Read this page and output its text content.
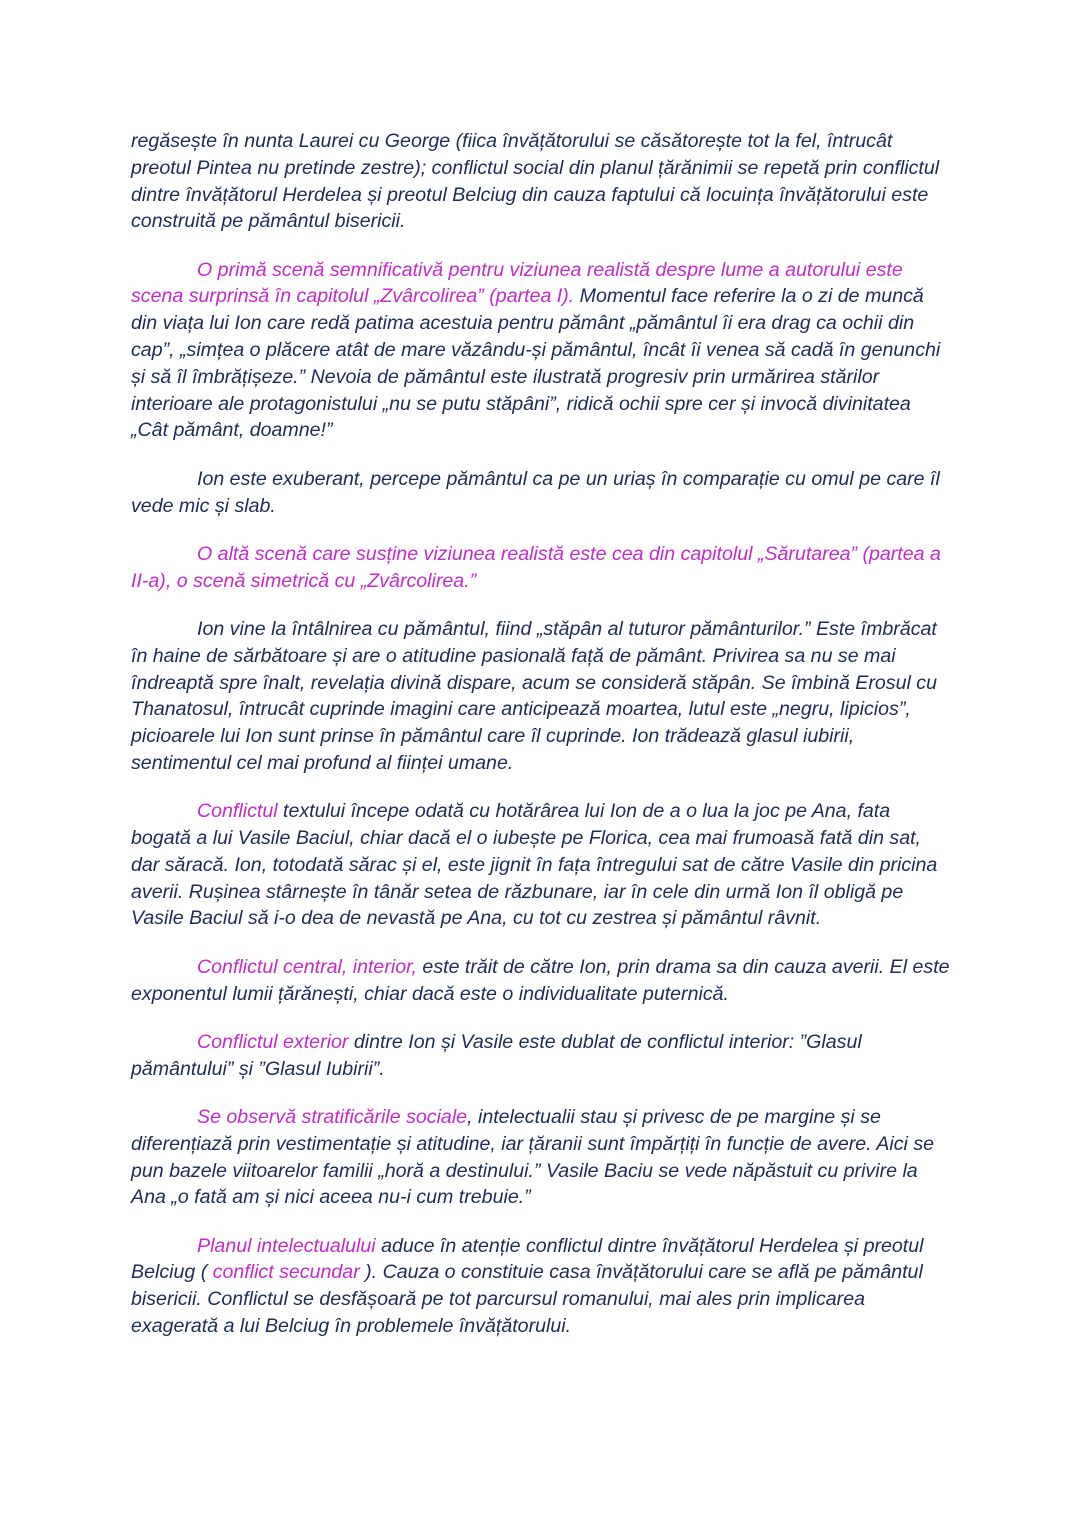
regăsește în nunta Laurei cu George (fiica învățătorului se căsătorește tot la fel, întrucât preotul Pintea nu pretinde zestre); conflictul social din planul țărănimii se repetă prin conflictul dintre învățătorul Herdelea și preotul Belciug din cauza faptului că locuința învățătorului este construită pe pământul bisericii.

O primă scenă semnificativă pentru viziunea realistă despre lume a autorului este scena surprinsă în capitolul „Zvârcolirea” (partea I). Momentul face referire la o zi de muncă din viața lui Ion care redă patima acestuia pentru pământ „pământul îi era drag ca ochii din cap”, „simțea o plăcere atât de mare văzându-și pământul, încât îi venea să cadă în genunchi și să îl îmbrățișeze.” Nevoia de pământul este ilustrată progresiv prin urmărirea stărilor interioare ale protagonistului „nu se putu stăpâni”, ridică ochii spre cer și invocă divinitatea „Cât pământ, doamne!”

Ion este exuberant, percepe pământul ca pe un uriaș în comparație cu omul pe care îl vede mic și slab.

O altă scenă care susține viziunea realistă este cea din capitolul „Sărutarea” (partea a II-a), o scenă simetrică cu „Zvârcolirea.”

Ion vine la întâlnirea cu pământul, fiind „stăpân al tuturor pământurilor.” Este îmbrăcat în haine de sărbătoare și are o atitudine pasională față de pământ. Privirea sa nu se mai îndreaptă spre înalt, revelația divină dispare, acum se consideră stăpân. Se îmbină Erosul cu Thanatosul, întrucât cuprinde imagini care anticipează moartea, lutul este „negru, lipicios”, picioarele lui Ion sunt prinse în pământul care îl cuprinde. Ion trădează glasul iubirii, sentimentul cel mai profund al ființei umane.

Conflictul textului începe odată cu hotărârea lui Ion de a o lua la joc pe Ana, fata bogată a lui Vasile Baciul, chiar dacă el o iubește pe Florica, cea mai frumoasă fată din sat, dar săracă. Ion, totodată sărac și el, este jignit în fața întregului sat de către Vasile din pricina averii. Rușinea stârnește în tânăr setea de răzbunare, iar în cele din urmă Ion îl obligă pe Vasile Baciul să i-o dea de nevastă pe Ana, cu tot cu zestrea și pământul râvnit.

Conflictul central, interior, este trăit de către Ion, prin drama sa din cauza averii. El este exponentul lumii țărănești, chiar dacă este o individualitate puternică.

Conflictul exterior dintre Ion și Vasile este dublat de conflictul interior: ”Glasul pământului” și ”Glasul Iubirii”.

Se observă stratificările sociale, intelectualii stau și privesc de pe margine și se diferențiază prin vestimentație și atitudine, iar țăranii sunt împărțiți în funcție de avere. Aici se pun bazele viitoarelor familii „horă a destinului.” Vasile Baciu se vede năpăstuit cu privire la Ana „o fată am și nici aceea nu-i cum trebuie.”

Planul intelectualului aduce în atenție conflictul dintre învățătorul Herdelea și preotul Belciug ( conflict secundar ). Cauza o constituie casa învățătorului care se află pe pământul bisericii. Conflictul se desfășoară pe tot parcursul romanului, mai ales prin implicarea exagerată a lui Belciug în problemele învățătorului.
